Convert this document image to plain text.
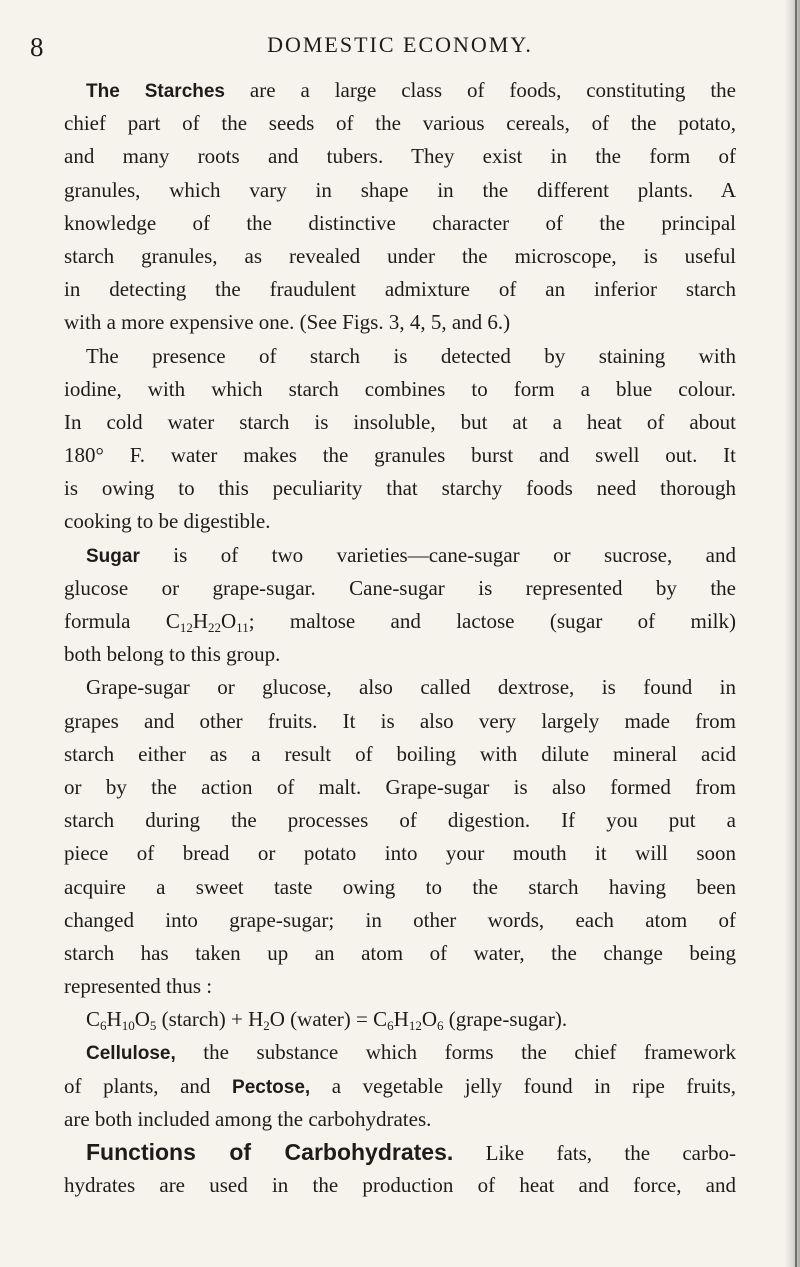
8	DOMESTIC ECONOMY.
The Starches are a large class of foods, constituting the
chief part of the seeds of the various cereals, of the potato,
and many roots and tubers. They exist in the form of
granules, which vary in shape in the different plants. A
knowledge of the distinctive character of the principal
starch granules, as revealed under the microscope, is useful
in detecting the fraudulent admixture of an inferior starch
with a more expensive one. (See Figs. 3, 4, 5, and 6.)
The presence of starch is detected by staining with
iodine, with which starch combines to form a blue colour.
In cold water starch is insoluble, but at a heat of about
180° F. water makes the granules burst and swell out. It
is owing to this peculiarity that starchy foods need thorough
cooking to be digestible.
Sugar is of two varieties—cane-sugar or sucrose, and
glucose or grape-sugar. Cane-sugar is represented by the
formula $C_{12}H_{22}O_{11}$; maltose and lactose (sugar of milk)
both belong to this group.
Grape-sugar or glucose, also called dextrose, is found in
grapes and other fruits. It is also very largely made from
starch either as a result of boiling with dilute mineral acid
or by the action of malt. Grape-sugar is also formed from
starch during the processes of digestion. If you put a
piece of bread or potato into your mouth it will soon
acquire a sweet taste owing to the starch having been
changed into grape-sugar; in other words, each atom of
starch has taken up an atom of water, the change being
represented thus :
$C_6H_{10}O_5$ (starch) + $H_2O$ (water) = $C_6H_{12}O_6$ (grape-sugar).
Cellulose, the substance which forms the chief framework
of plants, and Pectose, a vegetable jelly found in ripe fruits,
are both included among the carbohydrates.
Functions of Carbohydrates. Like fats, the carbo-
hydrates are used in the production of heat and force, and
